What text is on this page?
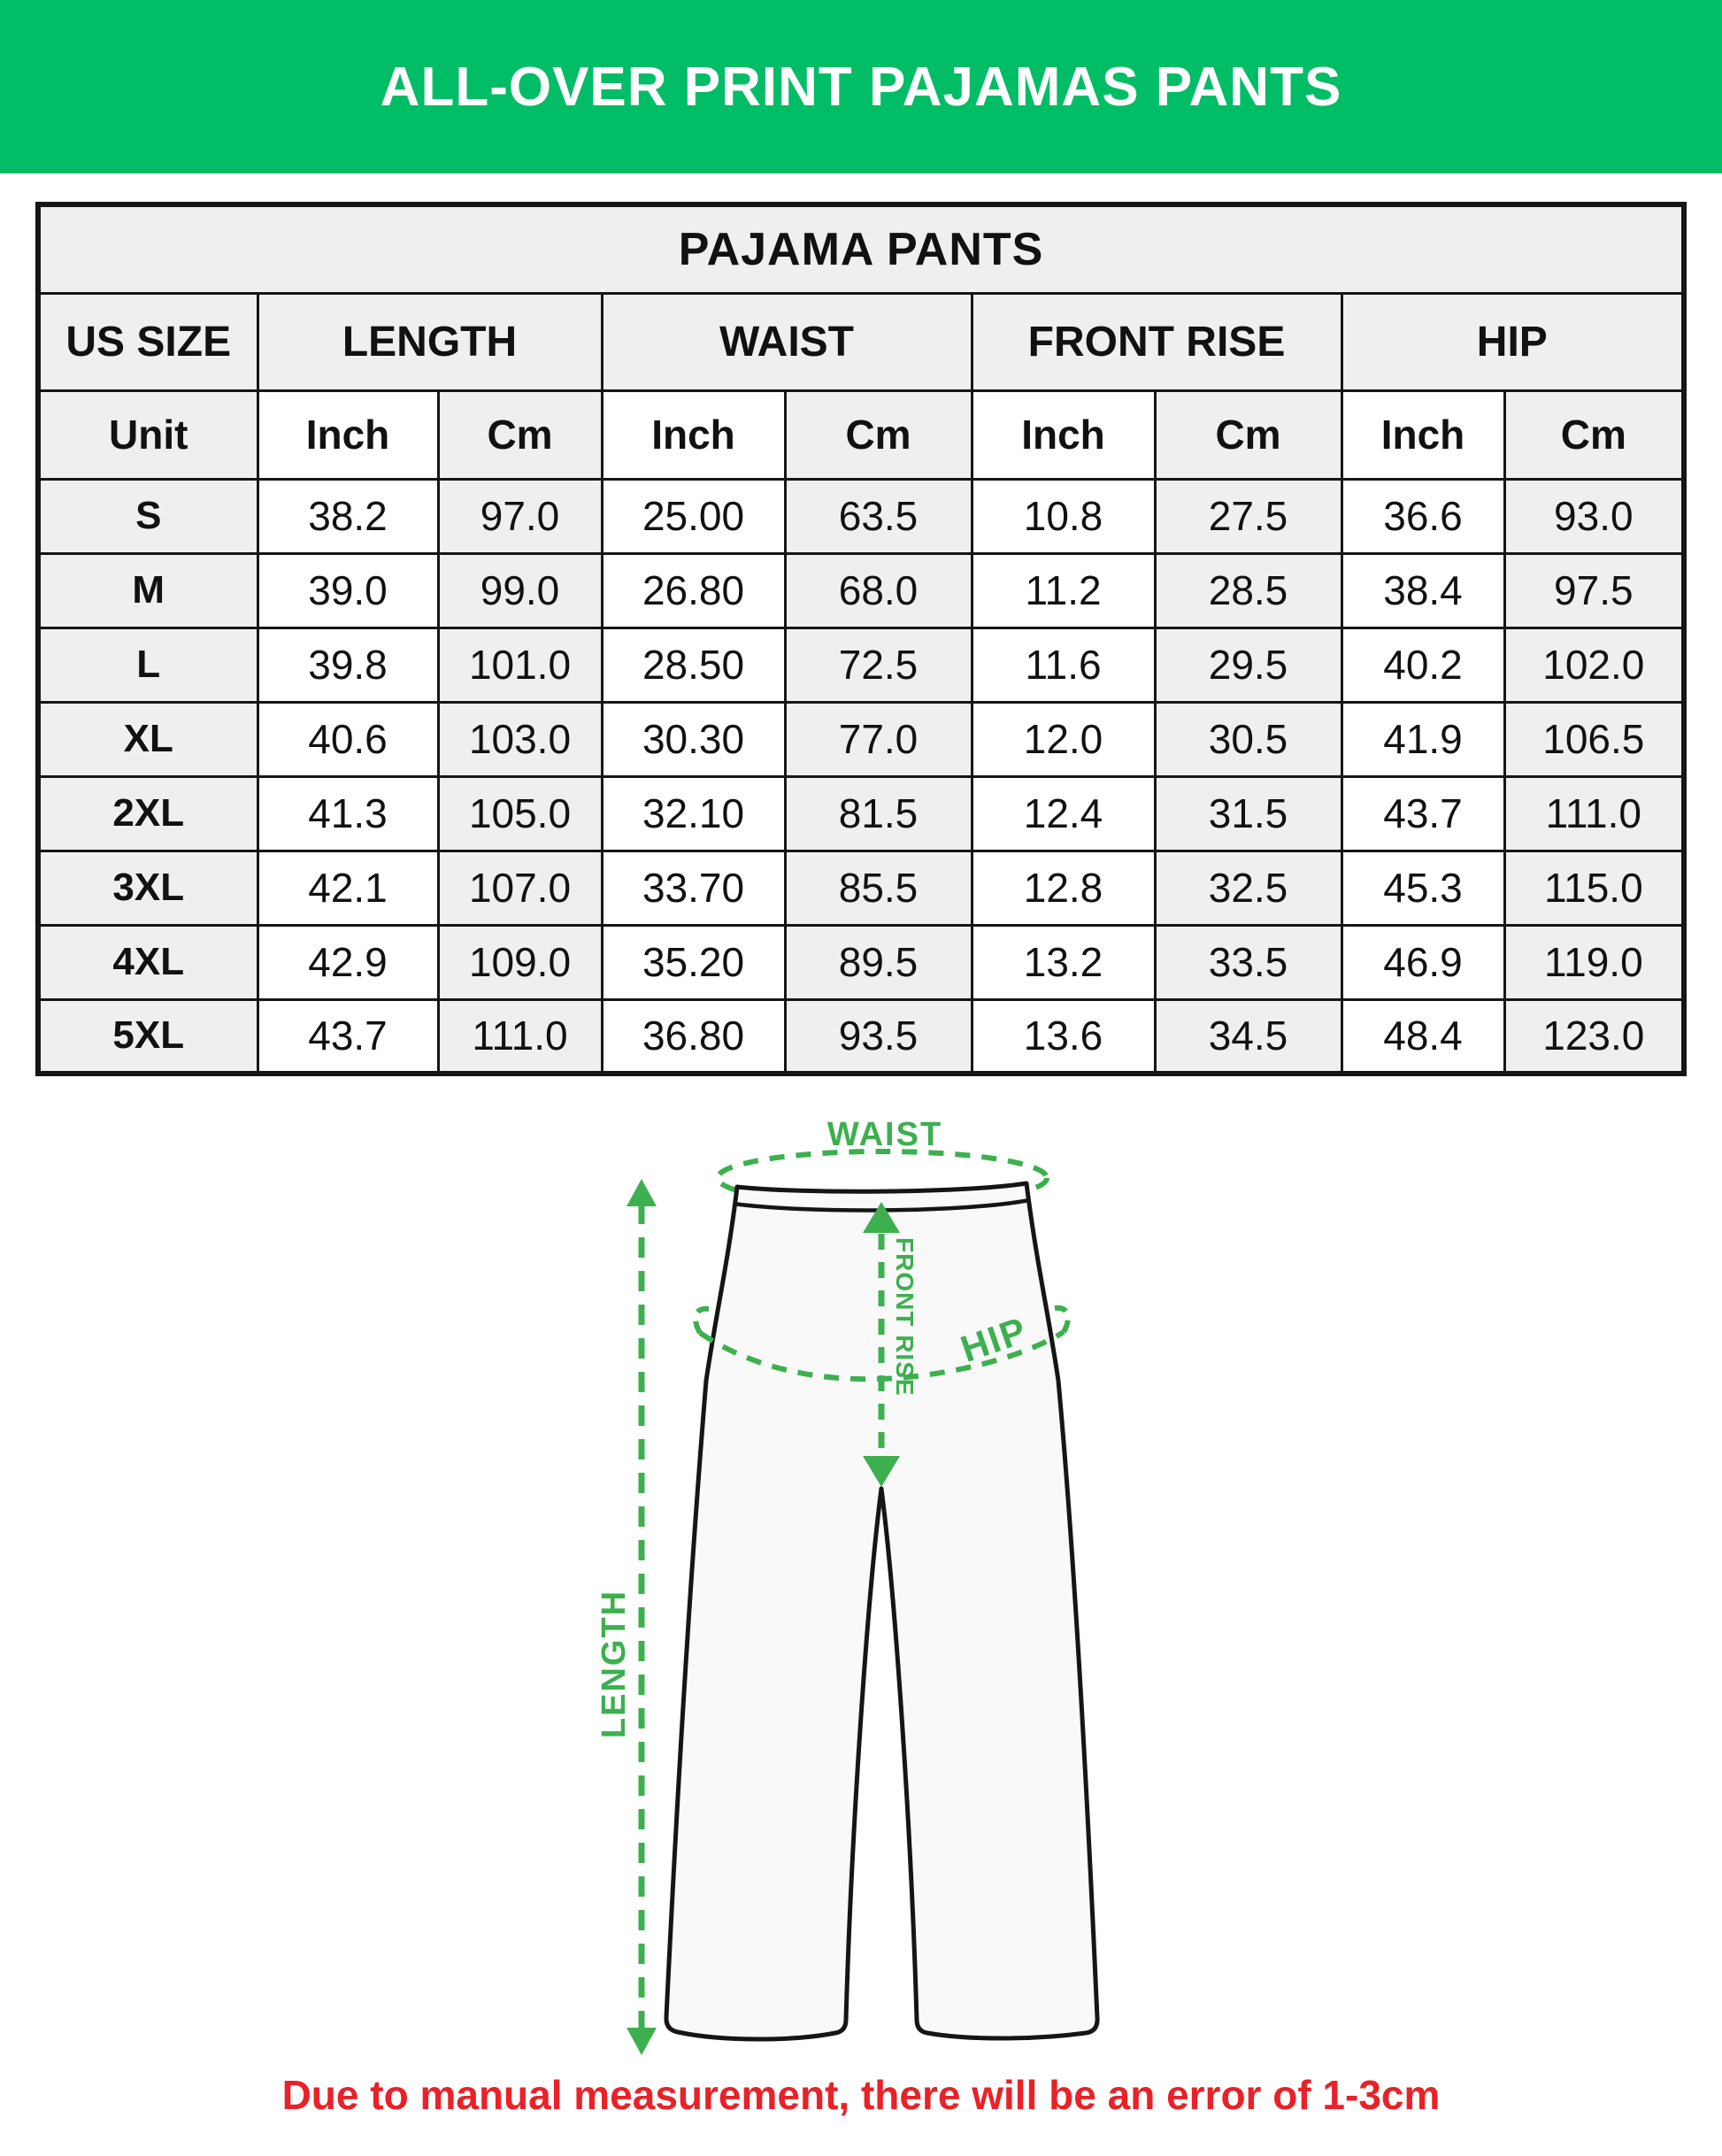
ALL-OVER PRINT PAJAMAS PANTS
PAJAMA PANTS								
US SIZE	LENGTH		WAIST		FRONT RISE		HIP	
Unit	Inch	Cm	Inch	Cm	Inch	Cm	Inch	Cm
S	38.2	97.0	25.00	63.5	10.8	27.5	36.6	93.0
M	39.0	99.0	26.80	68.0	11.2	28.5	38.4	97.5
L	39.8	101.0	28.50	72.5	11.6	29.5	40.2	102.0
XL	40.6	103.0	30.30	77.0	12.0	30.5	41.9	106.5
2XL	41.3	105.0	32.10	81.5	12.4	31.5	43.7	111.0
3XL	42.1	107.0	33.70	85.5	12.8	32.5	45.3	115.0
4XL	42.9	109.0	35.20	89.5	13.2	33.5	46.9	119.0
5XL	43.7	111.0	36.80	93.5	13.6	34.5	48.4	123.0
WAIST
FRONT RISE HIP
LENGTH
Due to manual measurement, there will be an error of 1-3cm
